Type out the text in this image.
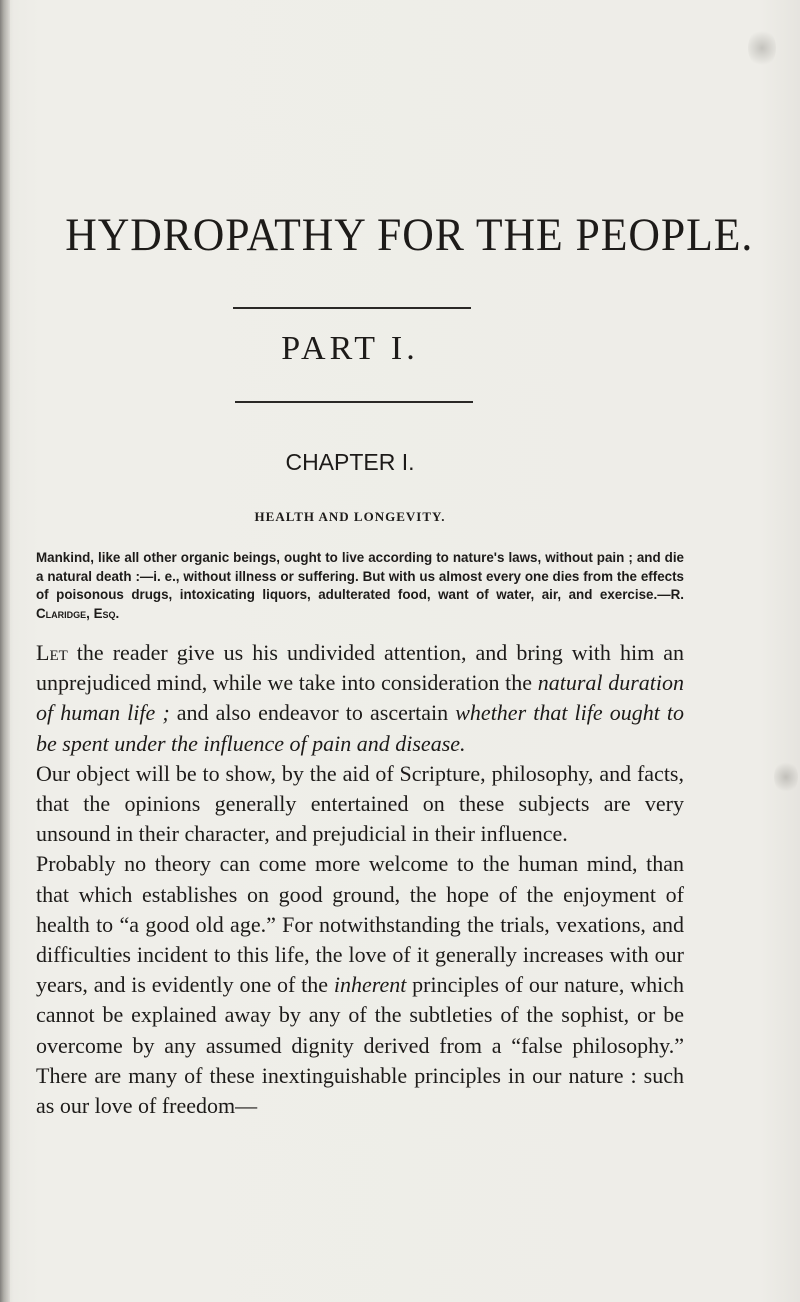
HYDROPATHY FOR THE PEOPLE.
PART I.
CHAPTER I.
HEALTH AND LONGEVITY.

Mankind, like all other organic beings, ought to live according to nature's laws, without pain ; and die a natural death :—i. e., without illness or suffering. But with us almost every one dies from the effects of poisonous drugs, intoxicating liquors, adulterated food, want of water, air, and exercise.—R. Claridge, Esq.

Let the reader give us his undivided attention, and bring with him an unprejudiced mind, while we take into consideration the natural duration of human life ; and also endeavor to ascertain whether that life ought to be spent under the influence of pain and disease.

Our object will be to show, by the aid of Scripture, philosophy, and facts, that the opinions generally entertained on these subjects are very unsound in their character, and prejudicial in their influence.

Probably no theory can come more welcome to the human mind, than that which establishes on good ground, the hope of the enjoyment of health to “a good old age.” For notwithstanding the trials, vexations, and difficulties incident to this life, the love of it generally increases with our years, and is evidently one of the inherent principles of our nature, which cannot be explained away by any of the subtleties of the sophist, or be overcome by any assumed dignity derived from a “false philosophy.” There are many of these inextinguishable principles in our nature : such as our love of freedom—
